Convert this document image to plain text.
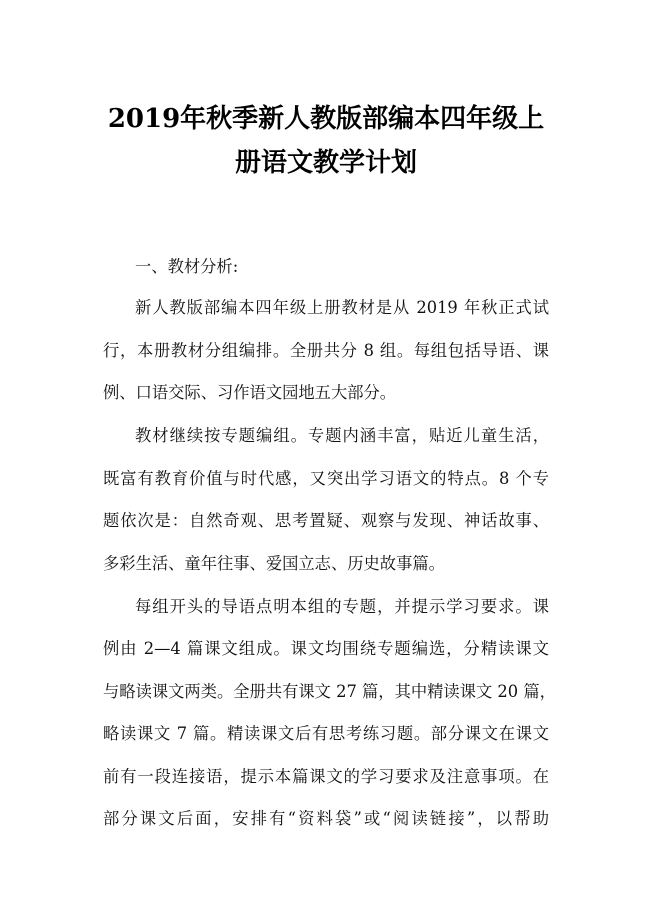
2019年秋季新人教版部编本四年级上
册语文教学计划
一、教材分析:
新人教版部编本四年级上册教材是从 2019 年秋正式试
行，本册教材分组编排。全册共分 8 组。每组包括导语、课
例、口语交际、习作语文园地五大部分。
教材继续按专题编组。专题内涵丰富，贴近儿童生活，
既富有教育价值与时代感，又突出学习语文的特点。8 个专
题依次是：自然奇观、思考置疑、观察与发现、神话故事、
多彩生活、童年往事、爱国立志、历史故事篇。
每组开头的导语点明本组的专题，并提示学习要求。课
例由 2—4 篇课文组成。课文均围绕专题编选，分精读课文
与略读课文两类。全册共有课文 27 篇，其中精读课文 20 篇，
略读课文 7 篇。精读课文后有思考练习题。部分课文在课文
前有一段连接语，提示本篇课文的学习要求及注意事项。在
部分课文后面，安排有“资料袋”或“阅读链接”，以帮助
